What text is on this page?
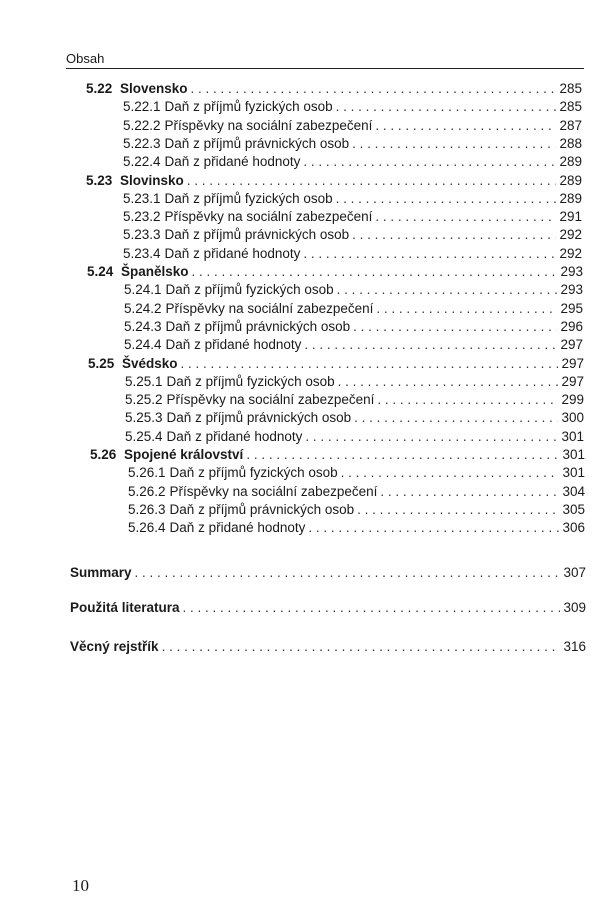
Obsah
5.22 Slovensko . . .	285
5.22.1 Daň z příjmů fyzických osob . . .	285
5.22.2 Příspěvky na sociální zabezpečení . . .	287
5.22.3 Daň z příjmů právnických osob . . .	288
5.22.4 Daň z přidané hodnoty . . .	289
5.23 Slovinsko . . .	289
5.23.1 Daň z příjmů fyzických osob . . .	289
5.23.2 Příspěvky na sociální zabezpečení . . .	291
5.23.3 Daň z příjmů právnických osob . . .	292
5.23.4 Daň z přidané hodnoty . . .	292
5.24 Španělsko . . .	293
5.24.1 Daň z příjmů fyzických osob . . .	293
5.24.2 Příspěvky na sociální zabezpečení . . .	295
5.24.3 Daň z příjmů právnických osob . . .	296
5.24.4 Daň z přidané hodnoty . . .	297
5.25 Švédsko . . .	297
5.25.1 Daň z příjmů fyzických osob . . .	297
5.25.2 Příspěvky na sociální zabezpečení . . .	299
5.25.3 Daň z příjmů právnických osob . . .	300
5.25.4 Daň z přidané hodnoty . . .	301
5.26 Spojené království . . .	301
5.26.1 Daň z příjmů fyzických osob . . .	301
5.26.2 Příspěvky na sociální zabezpečení . . .	304
5.26.3 Daň z příjmů právnických osob . . .	305
5.26.4 Daň z přidané hodnoty . . .	306
Summary . . .	307
Použitá literatura . . .	309
Věcný rejstřík . . .	316
10
